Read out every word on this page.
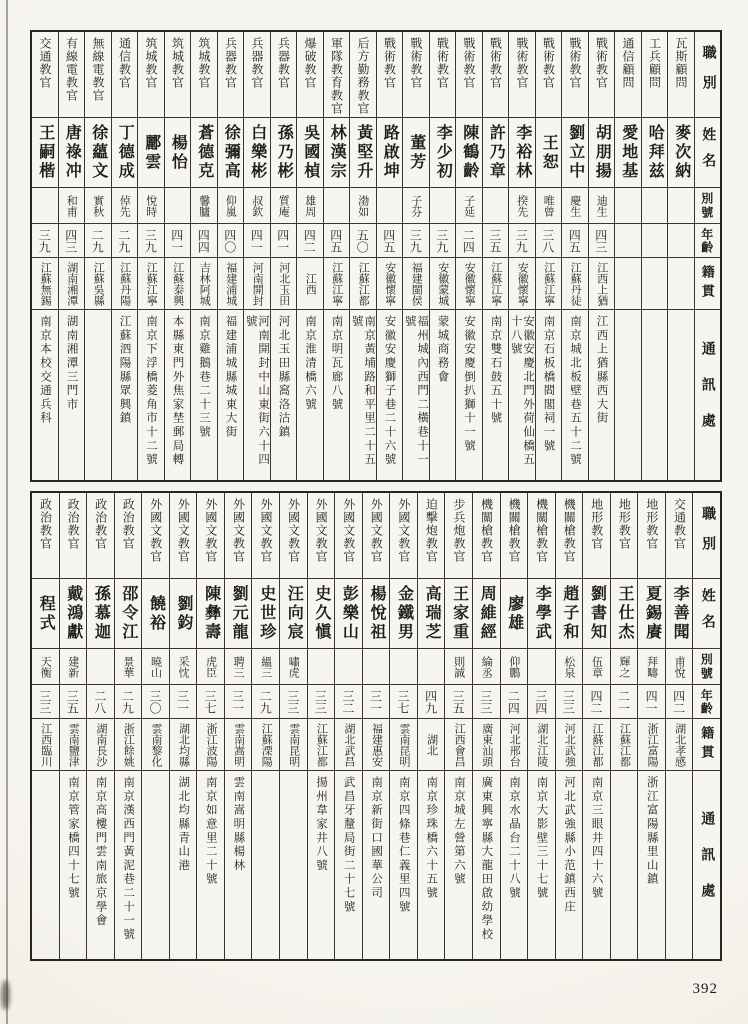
職別
姓名
別號
年齡
籍貫
通訊處
瓦斯顧問
麥次納
工兵顧問
哈拜兹
通信顧問
愛地基
戰術教官
胡朋揚
迪生
四三
江西上猶
江西上猶縣西大街
戰術教官
劉立中
慶生
四五
江蘇丹徒
南京城北板壁巷五十二號
戰術教官
王恕
唯曾
三八
江蘇江寧
南京石板橋閻閣祠一號
戰術教官
李裕林
揆先
三九
安徽懷寧
安徽安慶北門外荷仙橋五十八號
戰術教官
許乃章
三五
江蘇江寧
南京雙石鼓五十號
戰術教官
陳鶴齡
子延
二四
安徽懷寧
安徽安慶倒扒獅十一號
戰術教官
李少初
三九
安徽蒙城
蒙城商務會
戰術教官
董芳
子芬
三九
福建閩侯
福州城內西門二橫巷十一號
戰術教官
路啟坤
四五
安徽懷寧
安徽安慶獅子巷二十六號
后方勤務教官
黃堅升
渤如
五〇
江蘇江都
南京黃埔路和平里二十五號
軍隊教育教官
林漢宗
四五
江蘇江寧
南京明瓦廊八號
爆破教官
吳國楨
雄周
四二
江西
南京淮清橋六號
兵器教官
孫乃彬
質庵
四一
河北玉田
河北玉田縣窩洛沽鎮
兵器教官
白樂彬
叔欽
四一
河南開封
河南開封中山東街六十四號
兵器教官
徐彌高
仰嵐
四〇
福建浦城
福建浦城縣城東大街
筑城教官
蒼德克
馨臚
四四
吉林阿城
南京雞鵝巷二十三號
筑城教官
楊怡
四一
江蘇泰興
本縣東門外焦家埜郵局轉
筑城教官
酈雲
悅時
三九
江蘇江寧
南京下浮橋菱角市十二號
通信教官
丁德成
倬先
二九
江蘇丹陽
江蘇泗陽縣眾興鎮
無線電教官
徐蘊文
實秋
二九
江蘇吳縣
有線電教官
唐祿冲
和甫
四三
湖南湘潭
湖南湘潭三門市
交通教官
王嗣楷
三九
江蘇無錫
南京本校交通兵科
職別
姓名
別號
年齡
籍貫
通訊處
交通教官
李善聞
甫悅
四二
湖北孝感
地形教官
夏錫賡
拜疇
四一
浙江富陽
浙江富陽縣里山鎮
地形教官
王仕杰
輝之
二一
江蘇江都
地形教官
劉書知
伍章
四二
江蘇江都
南京三眼井四十六號
機關槍教官
趙子和
松泉
三三
河北武強
河北武強縣小范鎮西庄
機關槍教官
李學武
三四
湖北江陵
南京大影壁三十七號
機關槍教官
廖雄
仰鵬
二四
河北邢台
南京水晶台二十八號
機關槍教官
周維經
綸丞
三三
廣東汕頭
廣東興寧縣大龍田啟幼學校
步兵炮教官
王家重
則誠
三五
江西會昌
南京城左營第六號
迫擊炮教官
高瑞芝
四九
湖北
南京珍珠橋六十五號
外國文教官
金鐵男
三七
雲南昆明
南京四條巷仁義里四號
外國文教官
楊悅祖
三一
福建惠安
南京新街口國華公司
外國文教官
彭樂山
三二
湖北武昌
武昌牙釐局街二十七號
外國文教官
史久愼
三三
江蘇江都
揚州韋家井八號
外國文教官
汪向宸
嘯虎
三三
雲南昆明
外國文教官
史世珍
縕三
二九
江蘇溧陽
外國文教官
劉元龍
聘三
三一
雲南嵩明
雲南嵩明縣楊林
外國文教官
陳彝壽
虎臣
三七
浙江波陽
南京如意里二十號
外國文教官
劉鈞
采忱
三一
湖北均縣
湖北均縣青山港
外國文教官
饒裕
曉山
三〇
雲南黎化
政治教官
邵令江
景華
二九
浙江餘姚
南京漢西門黃泥巷二十一號
政治教官
孫慕迦
二八
湖南長沙
南京高樓門雲南旅京學會
政治教官
戴鴻獻
建新
三五
雲南鹽津
南京管家橋四十七號
政治教官
程式
天衡
三三
江西臨川
392
